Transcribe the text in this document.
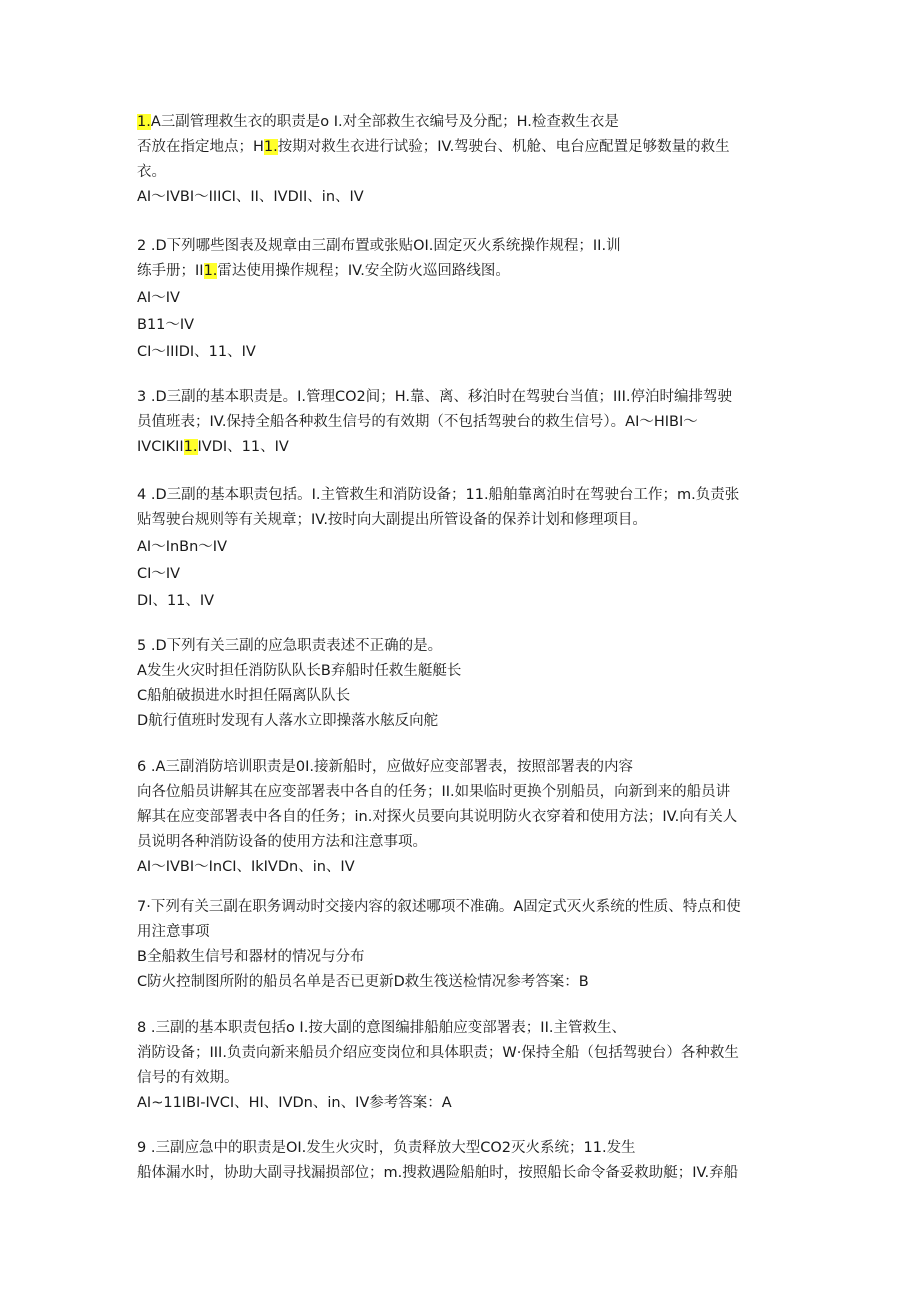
1.A三副管理救生衣的职责是o I.对全部救生衣编号及分配；H.检查救生衣是
否放在指定地点；H1.按期对救生衣进行试验；IV.驾驶台、机舱、电台应配置足够数量的救生
衣。
AI～IVBI～IIICI、II、IVDII、in、IV
2 .D下列哪些图表及规章由三副布置或张贴OI.固定灭火系统操作规程；II.训
练手册；II1.雷达使用操作规程；IV.安全防火巡回路线图。
AI～IV
B11～IV
CI～IIIDI、11、IV
3 .D三副的基本职责是。I.管理CO2间；H.靠、离、移泊时在驾驶台当值；III.停泊时编排驾驶
员值班表；IV.保持全船各种救生信号的有效期（不包括驾驶台的救生信号）。AI～HIBI～
IVCIKII1.IVDI、11、IV
4 .D三副的基本职责包括。I.主管救生和消防设备；11.船舶靠离泊时在驾驶台工作；m.负责张
贴驾驶台规则等有关规章；IV.按时向大副提出所管设备的保养计划和修理项目。
AI～InBn～IV
CI～IV
DI、11、IV
5 .D下列有关三副的应急职责表述不正确的是。
A发生火灾时担任消防队队长B弃船时任救生艇艇长
C船舶破损进水时担任隔离队队长
D航行值班时发现有人落水立即操落水舷反向舵
6 .A三副消防培训职责是0I.接新船时，应做好应变部署表，按照部署表的内容
向各位船员讲解其在应变部署表中各自的任务；II.如果临时更换个别船员，向新到来的船员讲
解其在应变部署表中各自的任务；in.对探火员要向其说明防火衣穿着和使用方法；IV.向有关人
员说明各种消防设备的使用方法和注意事项。
AI～IVBI～InCI、IkIVDn、in、IV
7·下列有关三副在职务调动时交接内容的叙述哪项不准确。A固定式灭火系统的性质、特点和使
用注意事项
B全船救生信号和器材的情况与分布
C防火控制图所附的船员名单是否已更新D救生筏送检情况参考答案：B
8 .三副的基本职责包括o I.按大副的意图编排船舶应变部署表；II.主管救生、
消防设备；III.负责向新来船员介绍应变岗位和具体职责；W·保持全船（包括驾驶台）各种救生
信号的有效期。
AI~11IBI-IVCI、HI、IVDn、in、IV参考答案：A
9 .三副应急中的职责是OI.发生火灾时，负责释放大型CO2灭火系统；11.发生
船体漏水时，协助大副寻找漏损部位；m.搜救遇险船舶时，按照船长命令备妥救助艇；IV.弃船
